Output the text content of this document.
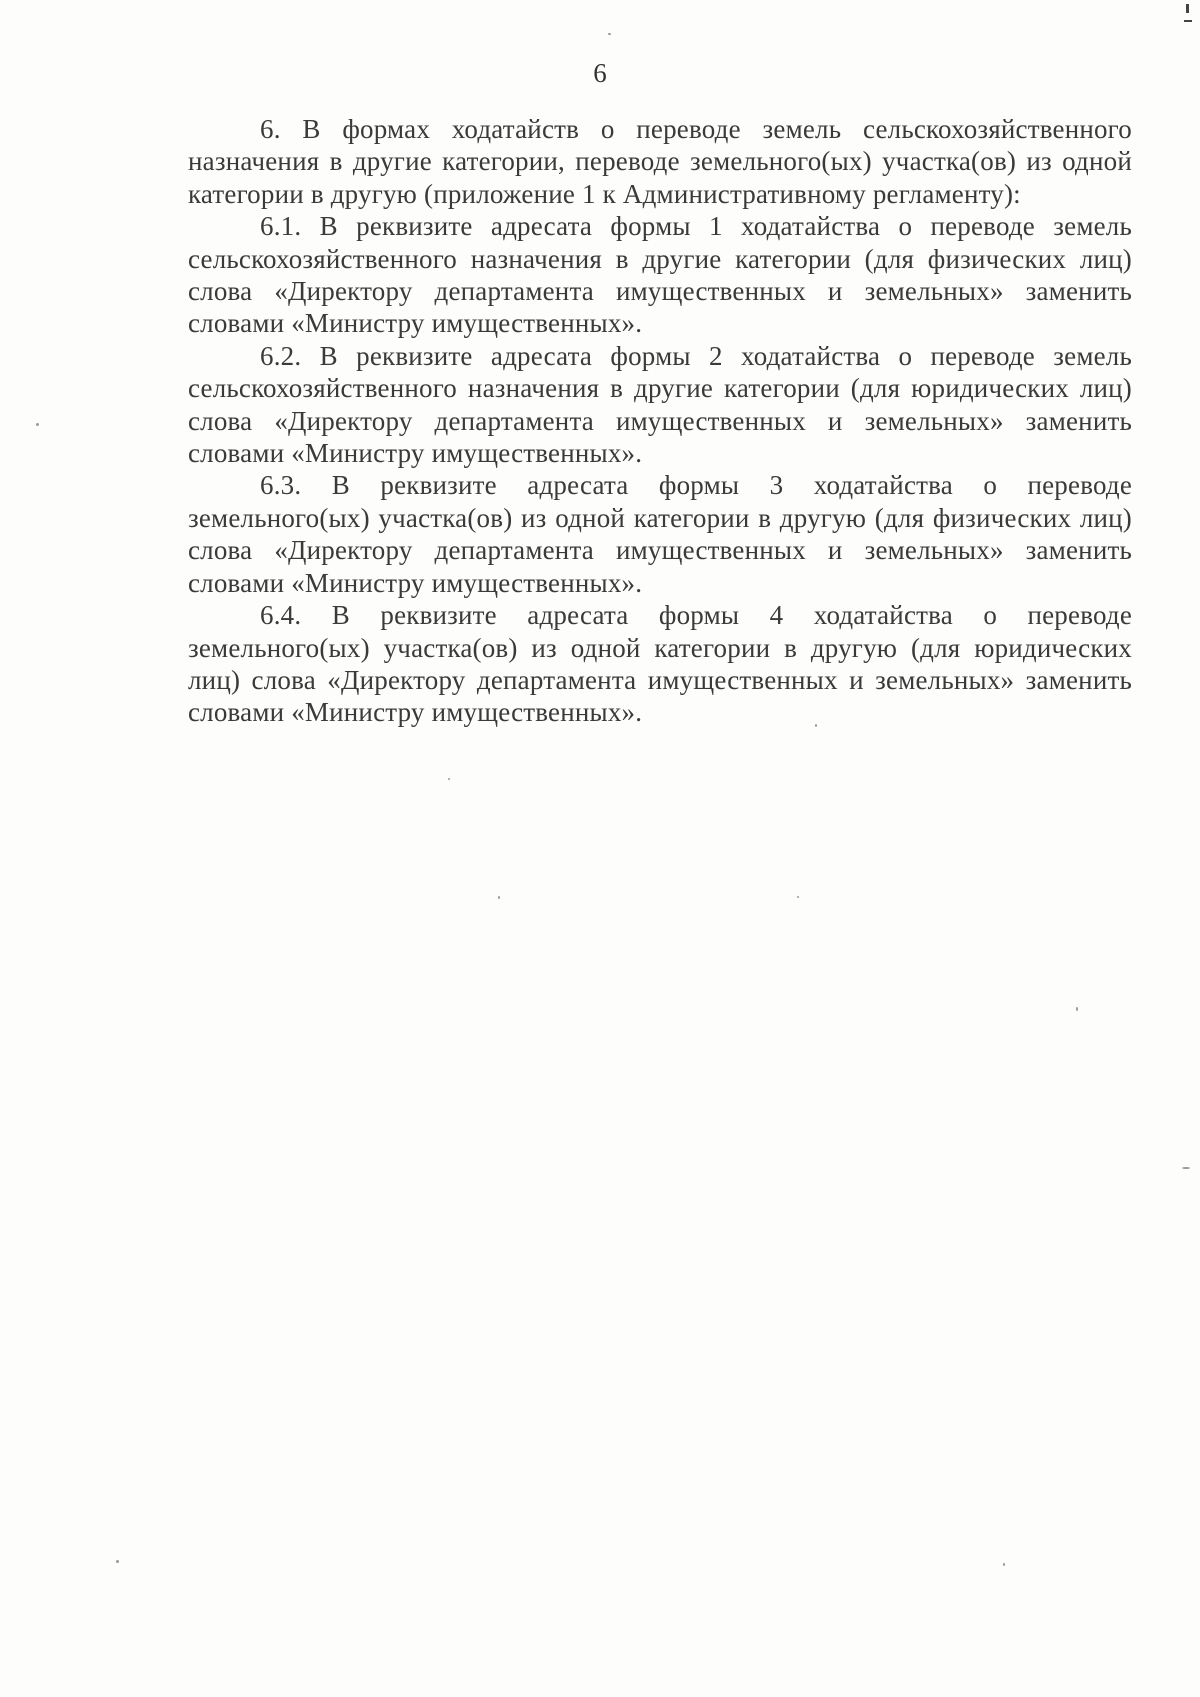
6

6. В формах ходатайств о переводе земель сельскохозяйственного назначения в другие категории, переводе земельного(ых) участка(ов) из одной категории в другую (приложение 1 к Административному регламенту):

6.1. В реквизите адресата формы 1 ходатайства о переводе земель сельскохозяйственного назначения в другие категории (для физических лиц) слова «Директору департамента имущественных и земельных» заменить словами «Министру имущественных».

6.2. В реквизите адресата формы 2 ходатайства о переводе земель сельскохозяйственного назначения в другие категории (для юридических лиц) слова «Директору департамента имущественных и земельных» заменить словами «Министру имущественных».

6.3. В реквизите адресата формы 3 ходатайства о переводе земельного(ых) участка(ов) из одной категории в другую (для физических лиц) слова «Директору департамента имущественных и земельных» заменить словами «Министру имущественных».

6.4. В реквизите адресата формы 4 ходатайства о переводе земельного(ых) участка(ов) из одной категории в другую (для юридических лиц) слова «Директору департамента имущественных и земельных» заменить словами «Министру имущественных».
